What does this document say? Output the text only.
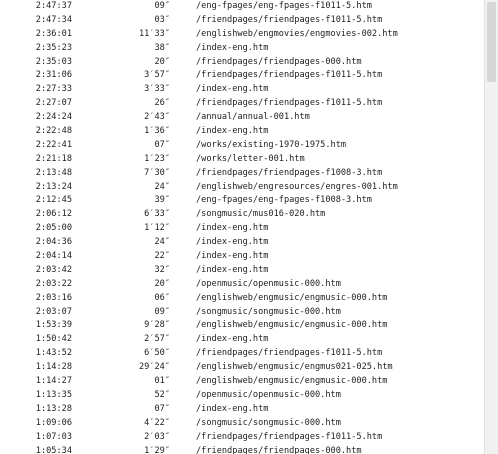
2:47:37	09″	/eng-fpages/eng-fpages-f1011-5.htm
2:47:34	03″	/friendpages/friendpages-f1011-5.htm
2:36:01	11′33″	/englishweb/engmovies/engmovies-002.htm
2:35:23	38″	/index-eng.htm
2:35:03	20″	/friendpages/friendpages-000.htm
2:31:06	3′57″	/friendpages/friendpages-f1011-5.htm
2:27:33	3′33″	/index-eng.htm
2:27:07	26″	/friendpages/friendpages-f1011-5.htm
2:24:24	2′43″	/annual/annual-001.htm
2:22:48	1′36″	/index-eng.htm
2:22:41	07″	/works/existing-1970-1975.htm
2:21:18	1′23″	/works/letter-001.htm
2:13:48	7′30″	/friendpages/friendpages-f1008-3.htm
2:13:24	24″	/englishweb/engresources/engres-001.htm
2:12:45	39″	/eng-fpages/eng-fpages-f1008-3.htm
2:06:12	6′33″	/songmusic/mus016-020.htm
2:05:00	1′12″	/index-eng.htm
2:04:36	24″	/index-eng.htm
2:04:14	22″	/index-eng.htm
2:03:42	32″	/index-eng.htm
2:03:22	20″	/openmusic/openmusic-000.htm
2:03:16	06″	/englishweb/engmusic/engmusic-000.htm
2:03:07	09″	/songmusic/songmusic-000.htm
1:53:39	9′28″	/englishweb/engmusic/engmusic-000.htm
1:50:42	2′57″	/index-eng.htm
1:43:52	6′50″	/friendpages/friendpages-f1011-5.htm
1:14:28	29′24″	/englishweb/engmusic/engmus021-025.htm
1:14:27	01″	/englishweb/engmusic/engmusic-000.htm
1:13:35	52″	/openmusic/openmusic-000.htm
1:13:28	07″	/index-eng.htm
1:09:06	4′22″	/songmusic/songmusic-000.htm
1:07:03	2′03″	/friendpages/friendpages-f1011-5.htm
1:05:34	1′29″	/friendpages/friendpages-000.htm
